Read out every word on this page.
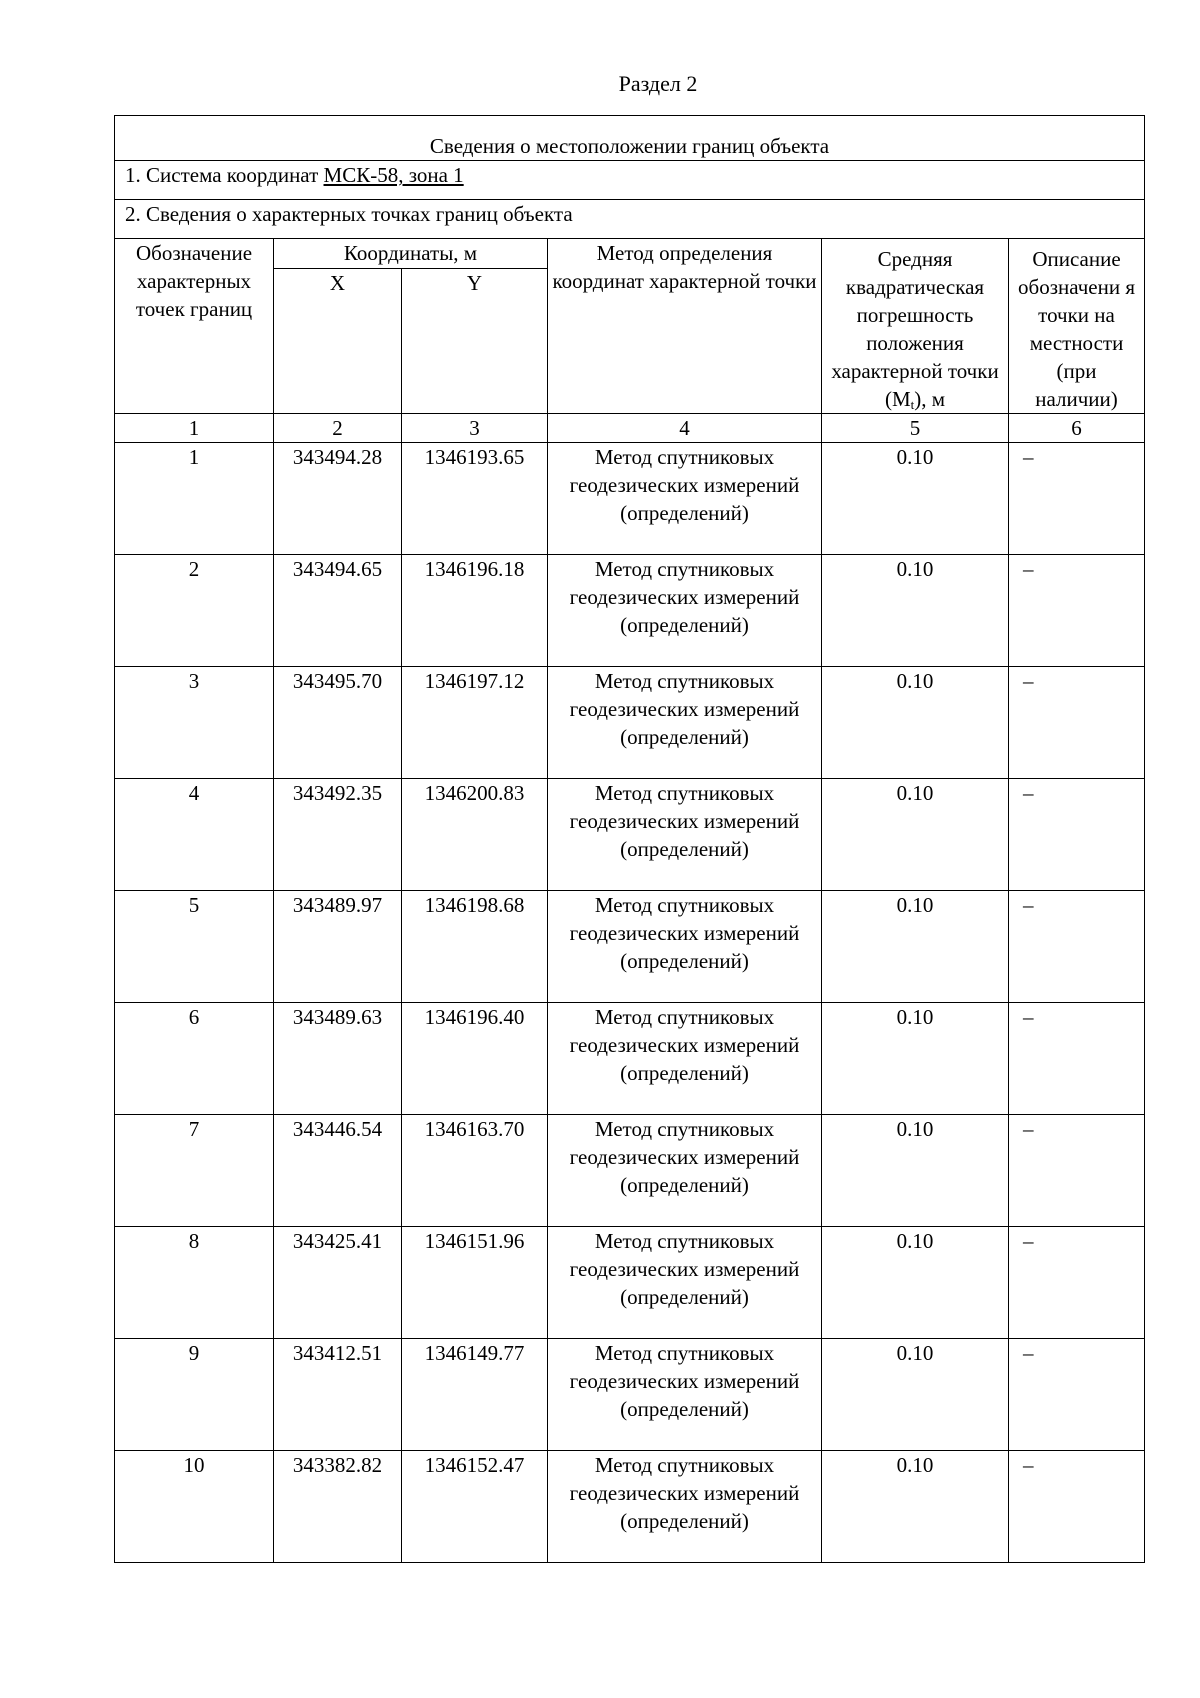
Раздел 2
Сведения о местоположении границ объекта					
1. Система координат МСК-58, зона 1					
2. Сведения о характерных точках границ объекта					
Обозначение характерных точек границ	Координаты, м		Метод определения координат характерной точки	Средняя квадратическая погрешность положения характерной точки $(M_t)$, м	Описание обозначени я точки на местности (при наличии)
	X	Y			
1	2	3	4	5	6
1	343494.28	1346193.65	Метод спутниковых геодезических измерений (определений)	0.10	–
2	343494.65	1346196.18	Метод спутниковых геодезических измерений (определений)	0.10	–
3	343495.70	1346197.12	Метод спутниковых геодезических измерений (определений)	0.10	–
4	343492.35	1346200.83	Метод спутниковых геодезических измерений (определений)	0.10	–
5	343489.97	1346198.68	Метод спутниковых геодезических измерений (определений)	0.10	–
6	343489.63	1346196.40	Метод спутниковых геодезических измерений (определений)	0.10	–
7	343446.54	1346163.70	Метод спутниковых геодезических измерений (определений)	0.10	–
8	343425.41	1346151.96	Метод спутниковых геодезических измерений (определений)	0.10	–
9	343412.51	1346149.77	Метод спутниковых геодезических измерений (определений)	0.10	–
10	343382.82	1346152.47	Метод спутниковых геодезических измерений (определений)	0.10	–
